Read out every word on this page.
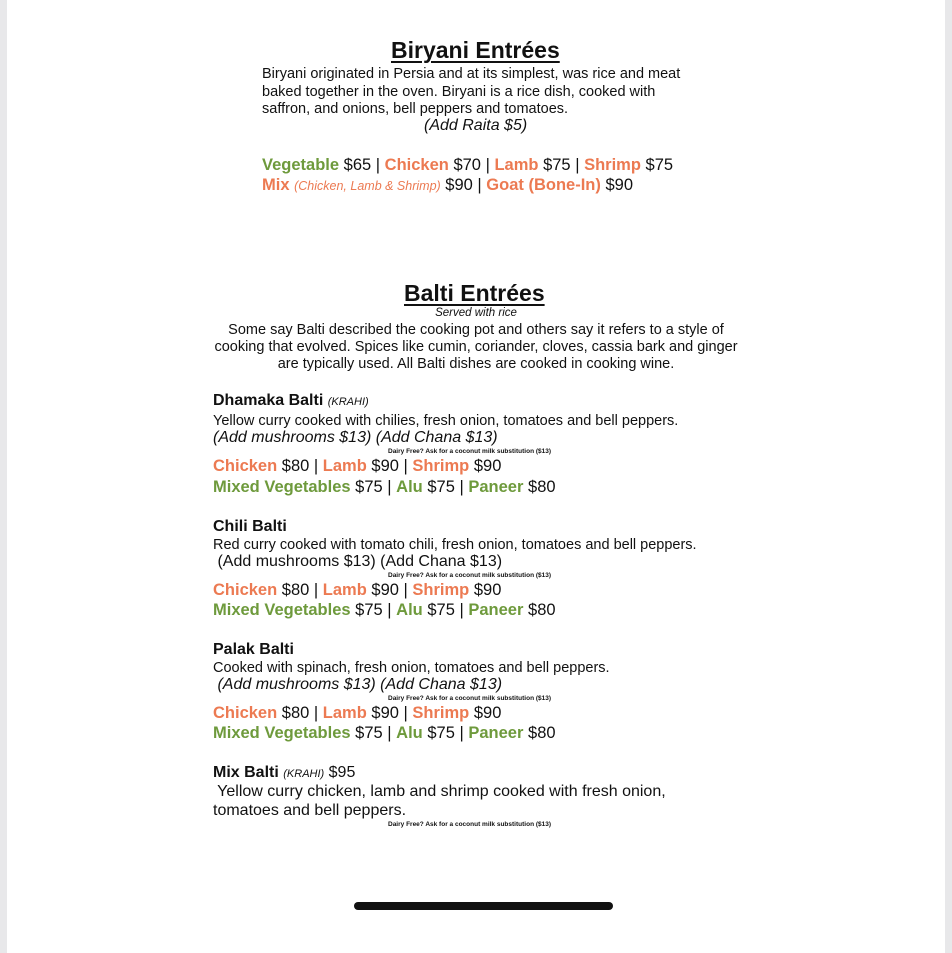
Biryani Entrées
Biryani originated in Persia and at its simplest, was rice and meat
baked together in the oven. Biryani is a rice dish, cooked with
saffron, and onions, bell peppers and tomatoes.
(Add Raita $5)
Vegetable $65 | Chicken $70 | Lamb $75 | Shrimp $75
Mix (Chicken, Lamb & Shrimp) $90 | Goat (Bone-In) $90
Balti Entrées
Served with rice
Some say Balti described the cooking pot and others say it refers to a style of
cooking that evolved. Spices like cumin, coriander, cloves, cassia bark and ginger
are typically used. All Balti dishes are cooked in cooking wine.
Dhamaka Balti (KRAHI)
Yellow curry cooked with chilies, fresh onion, tomatoes and bell peppers.
(Add mushrooms $13) (Add Chana $13)
Dairy Free? Ask for a coconut milk substitution ($13)
Chicken $80 | Lamb $90 | Shrimp $90
Mixed Vegetables $75 | Alu $75 | Paneer $80
Chili Balti
Red curry cooked with tomato chili, fresh onion, tomatoes and bell peppers.
(Add mushrooms $13) (Add Chana $13)
Dairy Free? Ask for a coconut milk substitution ($13)
Chicken $80 | Lamb $90 | Shrimp $90
Mixed Vegetables $75 | Alu $75 | Paneer $80
Palak Balti
Cooked with spinach, fresh onion, tomatoes and bell peppers.
(Add mushrooms $13) (Add Chana $13)
Dairy Free? Ask for a coconut milk substitution ($13)
Chicken $80 | Lamb $90 | Shrimp $90
Mixed Vegetables $75 | Alu $75 | Paneer $80
Mix Balti (KRAHI) $95
Yellow curry chicken, lamb and shrimp cooked with fresh onion,
tomatoes and bell peppers.
Dairy Free? Ask for a coconut milk substitution ($13)
